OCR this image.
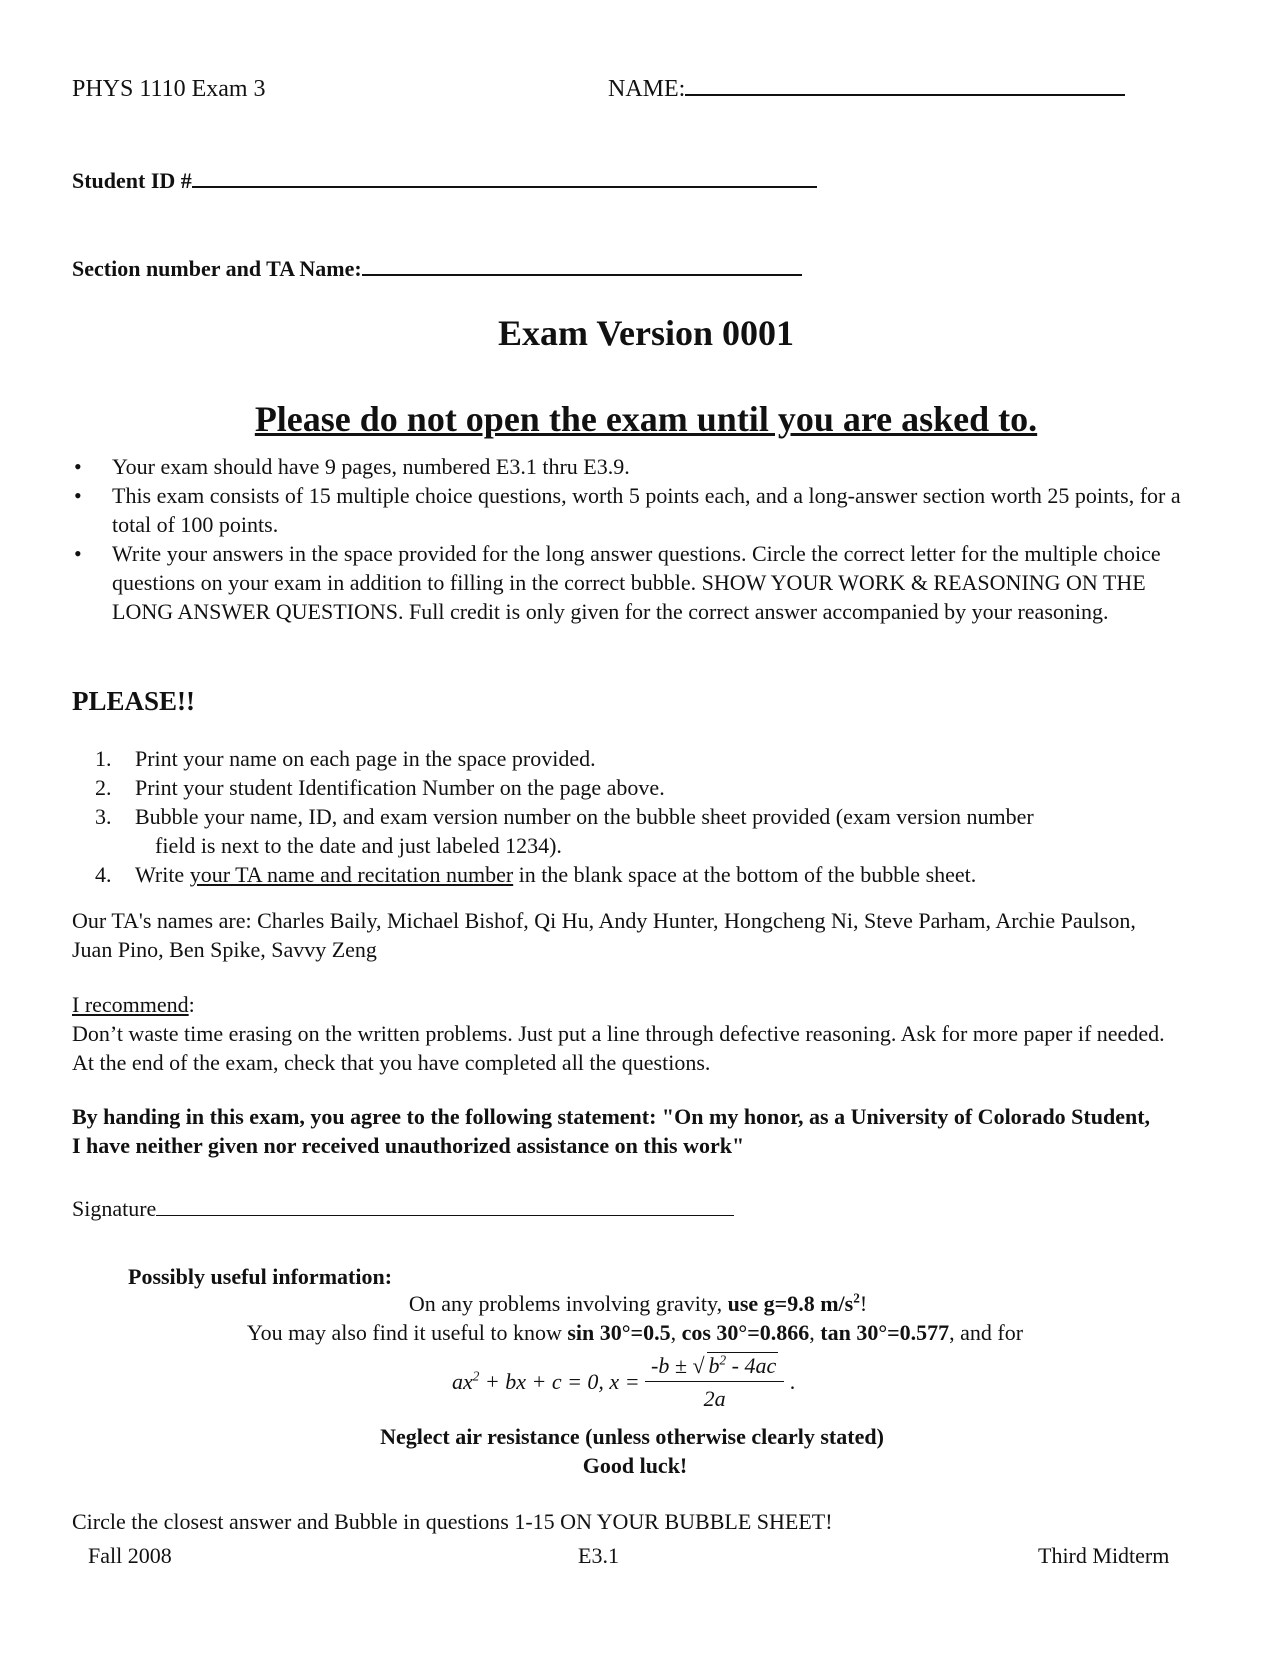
PHYS 1110 Exam 3	NAME:
Student ID #
Section number and TA Name:
Exam Version 0001
Please do not open the exam until you are asked to.
• Your exam should have 9 pages, numbered E3.1 thru E3.9.
• This exam consists of 15 multiple choice questions, worth 5 points each, and a long-answer section worth 25 points, for a total of 100 points.
• Write your answers in the space provided for the long answer questions. Circle the correct letter for the multiple choice questions on your exam in addition to filling in the correct bubble. SHOW YOUR WORK & REASONING ON THE LONG ANSWER QUESTIONS. Full credit is only given for the correct answer accompanied by your reasoning.
PLEASE!!
1. Print your name on each page in the space provided.
2. Print your student Identification Number on the page above.
3. Bubble your name, ID, and exam version number on the bubble sheet provided (exam version number
field is next to the date and just labeled 1234).
4. Write your TA name and recitation number in the blank space at the bottom of the bubble sheet.
Our TA's names are: Charles Baily, Michael Bishof, Qi Hu, Andy Hunter, Hongcheng Ni, Steve Parham, Archie Paulson, Juan Pino, Ben Spike, Savvy Zeng
I recommend:
Don’t waste time erasing on the written problems. Just put a line through defective reasoning. Ask for more paper if needed. At the end of the exam, check that you have completed all the questions.
By handing in this exam, you agree to the following statement: "On my honor, as a University of Colorado Student, I have neither given nor received unauthorized assistance on this work"
Signature
Possibly useful information:
On any problems involving gravity, use g=9.8 $m/s^2$!
You may also find it useful to know sin 30°=0.5, cos 30°=0.866, tan 30°=0.577, and for
$ax^2$ + bx + c = 0, $x = \frac{-b \pm √ b^2 - 4ac}{2a}$ .
Neglect air resistance (unless otherwise clearly stated)
Good luck!
Circle the closest answer and Bubble in questions 1-15 ON YOUR BUBBLE SHEET!
Fall 2008	E3.1	Third Midterm
